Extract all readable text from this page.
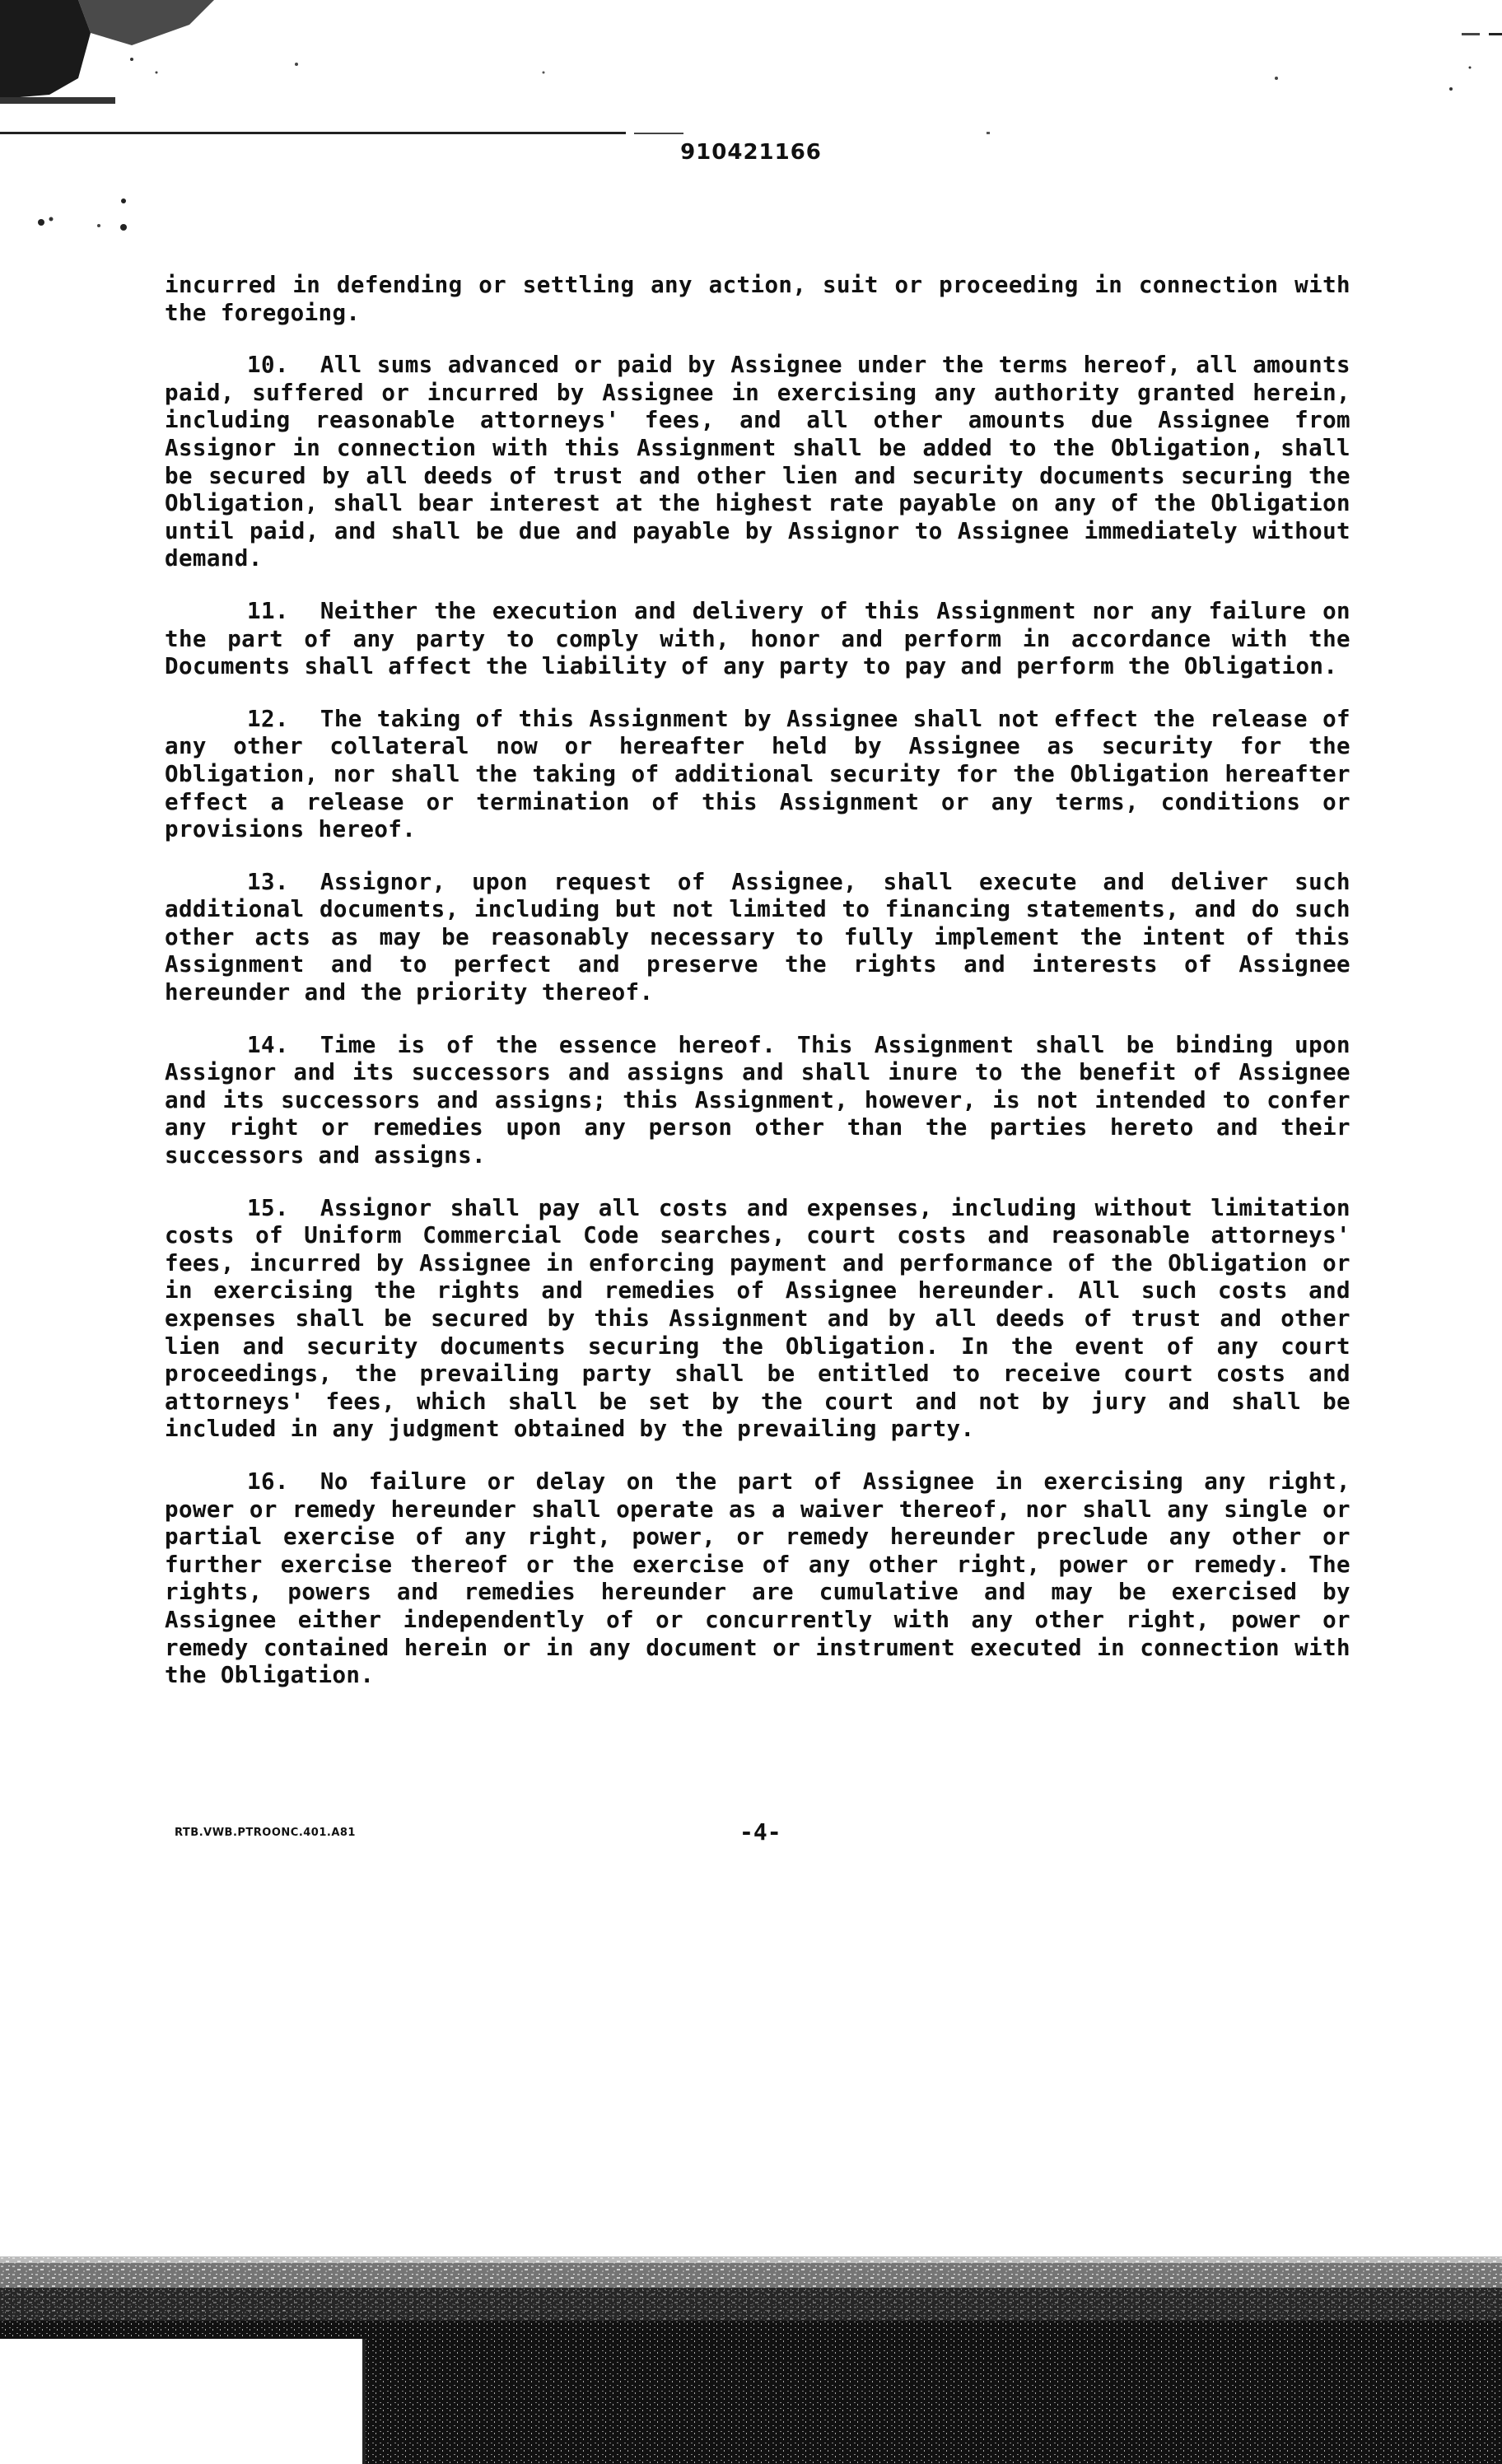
910421166

incurred in defending or settling any action, suit or proceeding in connection with the foregoing.

10. All sums advanced or paid by Assignee under the terms hereof, all amounts paid, suffered or incurred by Assignee in exercising any authority granted herein, including reasonable attorneys' fees, and all other amounts due Assignee from Assignor in connection with this Assignment shall be added to the Obligation, shall be secured by all deeds of trust and other lien and security documents securing the Obligation, shall bear interest at the highest rate payable on any of the Obligation until paid, and shall be due and payable by Assignor to Assignee immediately without demand.

11. Neither the execution and delivery of this Assignment nor any failure on the part of any party to comply with, honor and perform in accordance with the Documents shall affect the liability of any party to pay and perform the Obligation.

12. The taking of this Assignment by Assignee shall not effect the release of any other collateral now or hereafter held by Assignee as security for the Obligation, nor shall the taking of additional security for the Obligation hereafter effect a release or termination of this Assignment or any terms, conditions or provisions hereof.

13. Assignor, upon request of Assignee, shall execute and deliver such additional documents, including but not limited to financing statements, and do such other acts as may be reasonably necessary to fully implement the intent of this Assignment and to perfect and preserve the rights and interests of Assignee hereunder and the priority thereof.

14. Time is of the essence hereof. This Assignment shall be binding upon Assignor and its successors and assigns and shall inure to the benefit of Assignee and its successors and assigns; this Assignment, however, is not intended to confer any right or remedies upon any person other than the parties hereto and their successors and assigns.

15. Assignor shall pay all costs and expenses, including without limitation costs of Uniform Commercial Code searches, court costs and reasonable attorneys' fees, incurred by Assignee in enforcing payment and performance of the Obligation or in exercising the rights and remedies of Assignee hereunder. All such costs and expenses shall be secured by this Assignment and by all deeds of trust and other lien and security documents securing the Obligation. In the event of any court proceedings, the prevailing party shall be entitled to receive court costs and attorneys' fees, which shall be set by the court and not by jury and shall be included in any judgment obtained by the prevailing party.

16. No failure or delay on the part of Assignee in exercising any right, power or remedy hereunder shall operate as a waiver thereof, nor shall any single or partial exercise of any right, power, or remedy hereunder preclude any other or further exercise thereof or the exercise of any other right, power or remedy. The rights, powers and remedies hereunder are cumulative and may be exercised by Assignee either independently of or concurrently with any other right, power or remedy contained herein or in any document or instrument executed in connection with the Obligation.

RTB.VWB.PTROONC.401.A81	-4-
